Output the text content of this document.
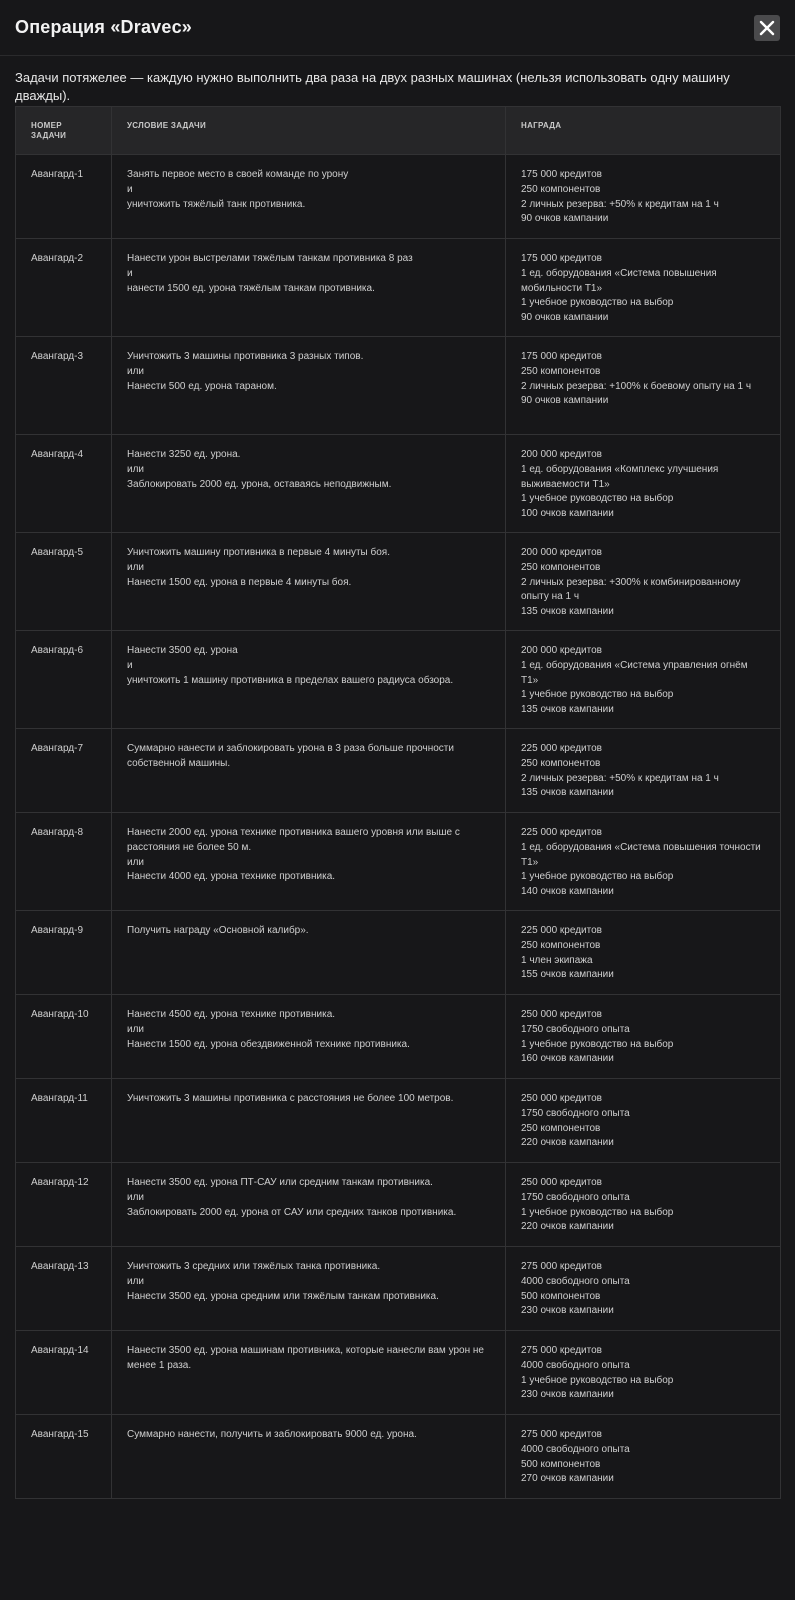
Операция «Dravec»
Задачи потяжелее — каждую нужно выполнить два раза на двух разных машинах (нельзя использовать одну машину дважды).
НОМЕР ЗАДАЧИ	УСЛОВИЕ ЗАДАЧИ	НАГРАДА
Авангард-1	Занять первое место в своей команде по урону
и
уничтожить тяжёлый танк противника.	175 000 кредитов
250 компонентов
2 личных резерва: +50% к кредитам на 1 ч
90 очков кампании

Авангард-2	Нанести урон выстрелами тяжёлым танкам противника 8 раз
и
нанести 1500 ед. урона тяжёлым танкам противника.	175 000 кредитов
1 ед. оборудования «Система повышения мобильности T1»
1 учебное руководство на выбор
90 очков кампании

Авангард-3	Уничтожить 3 машины противника 3 разных типов.
или
Нанести 500 ед. урона тараном.	175 000 кредитов
250 компонентов
2 личных резерва: +100% к боевому опыту на 1 ч
90 очков кампании

Авангард-4	Нанести 3250 ед. урона.
или
Заблокировать 2000 ед. урона, оставаясь неподвижным.	200 000 кредитов
1 ед. оборудования «Комплекс улучшения выживаемости T1»
1 учебное руководство на выбор
100 очков кампании

Авангард-5	Уничтожить машину противника в первые 4 минуты боя.
или
Нанести 1500 ед. урона в первые 4 минуты боя.	200 000 кредитов
250 компонентов
2 личных резерва: +300% к комбинированному опыту на 1 ч
135 очков кампании

Авангард-6	Нанести 3500 ед. урона
и
уничтожить 1 машину противника в пределах вашего радиуса обзора.	200 000 кредитов
1 ед. оборудования «Система управления огнём T1»
1 учебное руководство на выбор
135 очков кампании

Авангард-7	Суммарно нанести и заблокировать урона в 3 раза больше прочности собственной машины.	225 000 кредитов
250 компонентов
2 личных резерва: +50% к кредитам на 1 ч
135 очков кампании

Авангард-8	Нанести 2000 ед. урона технике противника вашего уровня или выше с расстояния не более 50 м.
или
Нанести 4000 ед. урона технике противника.	225 000 кредитов
1 ед. оборудования «Система повышения точности T1»
1 учебное руководство на выбор
140 очков кампании

Авангард-9	Получить награду «Основной калибр».	225 000 кредитов
250 компонентов
1 член экипажа
155 очков кампании

Авангард-10	Нанести 4500 ед. урона технике противника.
или
Нанести 1500 ед. урона обездвиженной технике противника.	250 000 кредитов
1750 свободного опыта
1 учебное руководство на выбор
160 очков кампании

Авангард-11	Уничтожить 3 машины противника с расстояния не более 100 метров.	250 000 кредитов
1750 свободного опыта
250 компонентов
220 очков кампании

Авангард-12	Нанести 3500 ед. урона ПТ-САУ или средним танкам противника.
или
Заблокировать 2000 ед. урона от САУ или средних танков противника.	250 000 кредитов
1750 свободного опыта
1 учебное руководство на выбор
220 очков кампании

Авангард-13	Уничтожить 3 средних или тяжёлых танка противника.
или
Нанести 3500 ед. урона средним или тяжёлым танкам противника.	275 000 кредитов
4000 свободного опыта
500 компонентов
230 очков кампании

Авангард-14	Нанести 3500 ед. урона машинам противника, которые нанесли вам урон не менее 1 раза.	275 000 кредитов
4000 свободного опыта
1 учебное руководство на выбор
230 очков кампании

Авангард-15	Суммарно нанести, получить и заблокировать 9000 ед. урона.	275 000 кредитов
4000 свободного опыта
500 компонентов
270 очков кампании
